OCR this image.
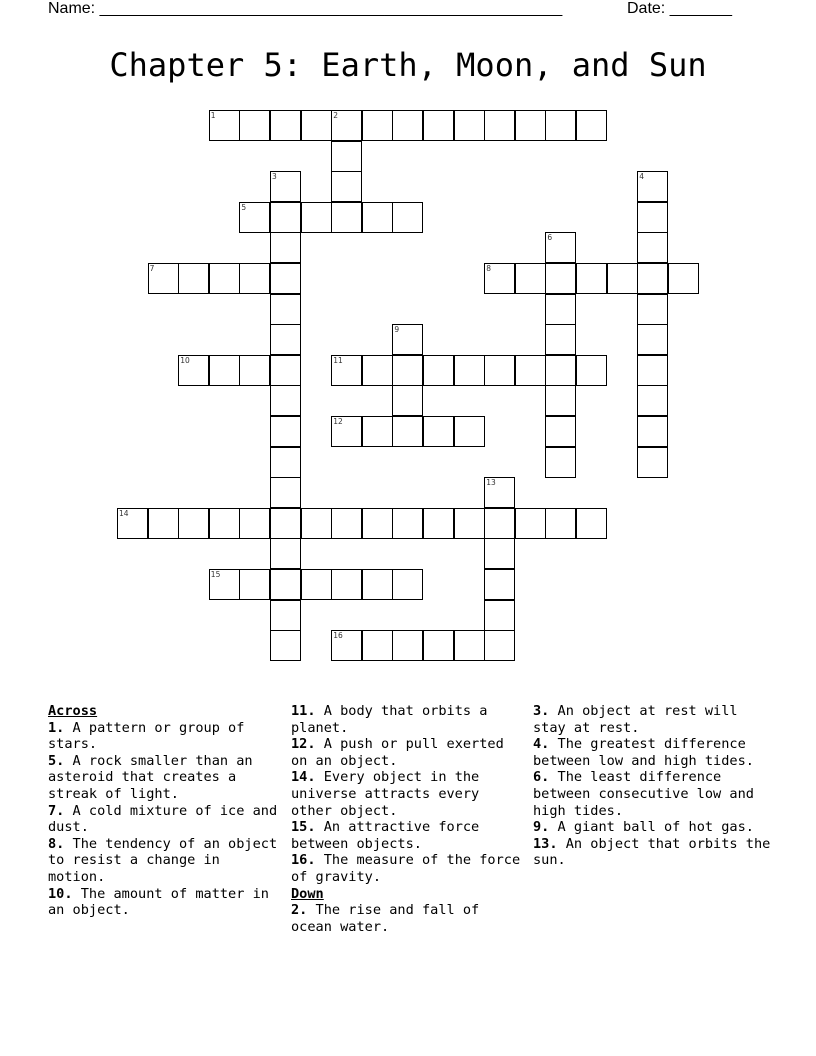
Name: ____________________________________________________	Date: _______
Chapter 5: Earth, Moon, and Sun
1	2
3	4
5
6
7	8
9
10	11
12
13
14
15
16
Across
1. A pattern or group of stars.
5. A rock smaller than an asteroid that creates a streak of light.
7. A cold mixture of ice and dust.
8. The tendency of an object to resist a change in motion.
10. The amount of matter in an object.
11. A body that orbits a planet.
12. A push or pull exerted on an object.
14. Every object in the universe attracts every other object.
15. An attractive force between objects.
16. The measure of the force of gravity.
Down
2. The rise and fall of ocean water.
3. An object at rest will stay at rest.
4. The greatest difference between low and high tides.
6. The least difference between consecutive low and high tides.
9. A giant ball of hot gas.
13. An object that orbits the sun.
